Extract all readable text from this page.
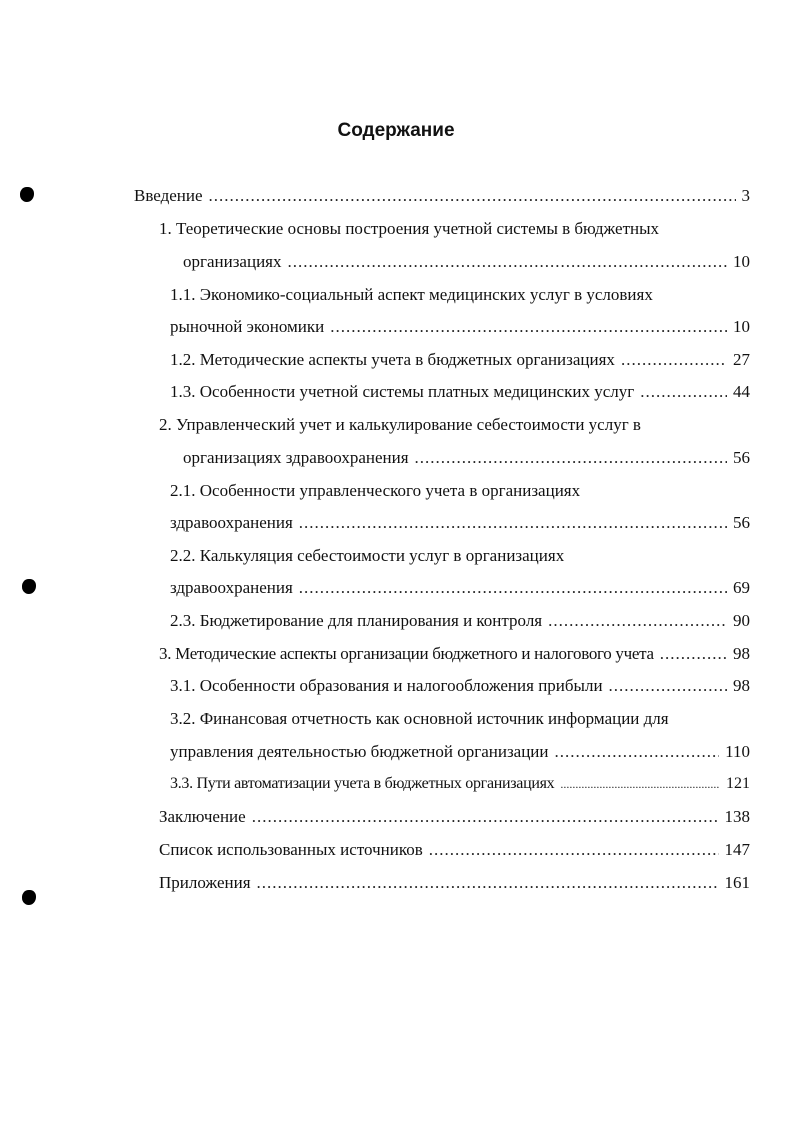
Содержание
Введение .....	3
1. Теоретические основы построения учетной системы в бюджетных
организациях .....	10
1.1. Экономико-социальный аспект медицинских услуг в условиях
рыночной экономики .....	10
1.2. Методические аспекты учета в бюджетных организациях .....	27
1.3. Особенности учетной системы платных медицинских услуг .....	44
2. Управленческий учет и калькулирование себестоимости услуг в
организациях здравоохранения .....	56
2.1. Особенности управленческого учета в организациях
здравоохранения .....	56
2.2. Калькуляция себестоимости услуг в организациях
здравоохранения .....	69
2.3. Бюджетирование для планирования и контроля .....	90
3. Методические аспекты организации бюджетного и налогового учета .....	98
3.1. Особенности образования и налогообложения прибыли .....	98
3.2. Финансовая отчетность как основной источник информации для
управления деятельностью бюджетной организации .....	110
3.3. Пути автоматизации учета в бюджетных организациях .....	121
Заключение .....	138
Список использованных источников .....	147
Приложения .....	161
